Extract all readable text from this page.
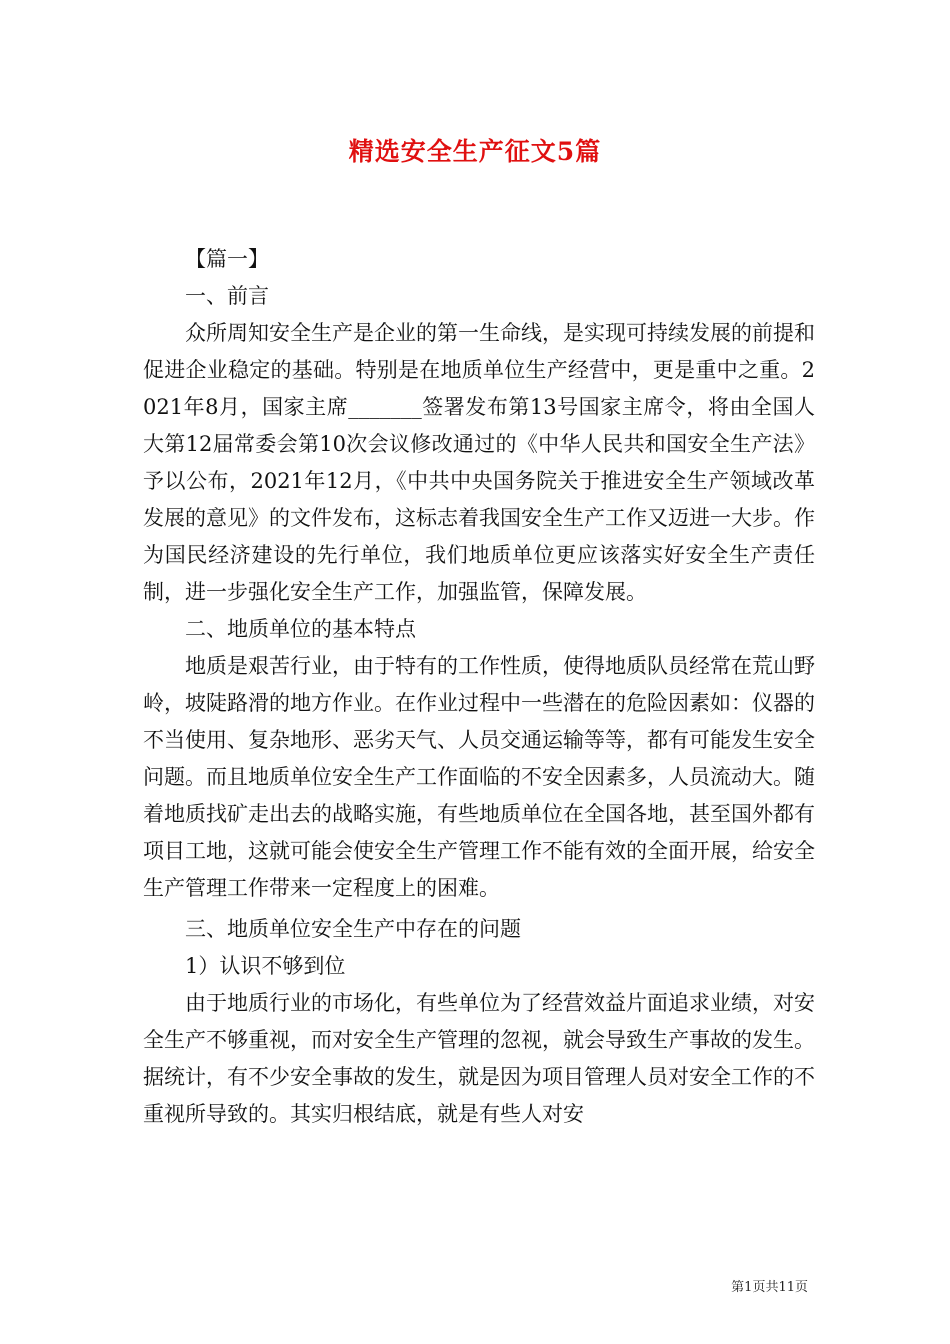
精选安全生产征文5篇

【篇一】

一、前言

众所周知安全生产是企业的第一生命线，是实现可持续发展的前提和促进企业稳定的基础。特别是在地质单位生产经营中，更是重中之重。2021年8月，国家主席_______签署发布第13号国家主席令，将由全国人大第12届常委会第10次会议修改通过的《中华人民共和国安全生产法》予以公布，2021年12月，《中共中央国务院关于推进安全生产领域改革发展的意见》的文件发布，这标志着我国安全生产工作又迈进一大步。作为国民经济建设的先行单位，我们地质单位更应该落实好安全生产责任制，进一步强化安全生产工作，加强监管，保障发展。

二、地质单位的基本特点

地质是艰苦行业，由于特有的工作性质，使得地质队员经常在荒山野岭，坡陡路滑的地方作业。在作业过程中一些潜在的危险因素如：仪器的不当使用、复杂地形、恶劣天气、人员交通运输等等，都有可能发生安全问题。而且地质单位安全生产工作面临的不安全因素多，人员流动大。随着地质找矿走出去的战略实施，有些地质单位在全国各地，甚至国外都有项目工地，这就可能会使安全生产管理工作不能有效的全面开展，给安全生产管理工作带来一定程度上的困难。

三、地质单位安全生产中存在的问题

1）认识不够到位

由于地质行业的市场化，有些单位为了经营效益片面追求业绩，对安全生产不够重视，而对安全生产管理的忽视，就会导致生产事故的发生。据统计，有不少安全事故的发生，就是因为项目管理人员对安全工作的不重视所导致的。其实归根结底，就是有些人对安

第1页共11页
